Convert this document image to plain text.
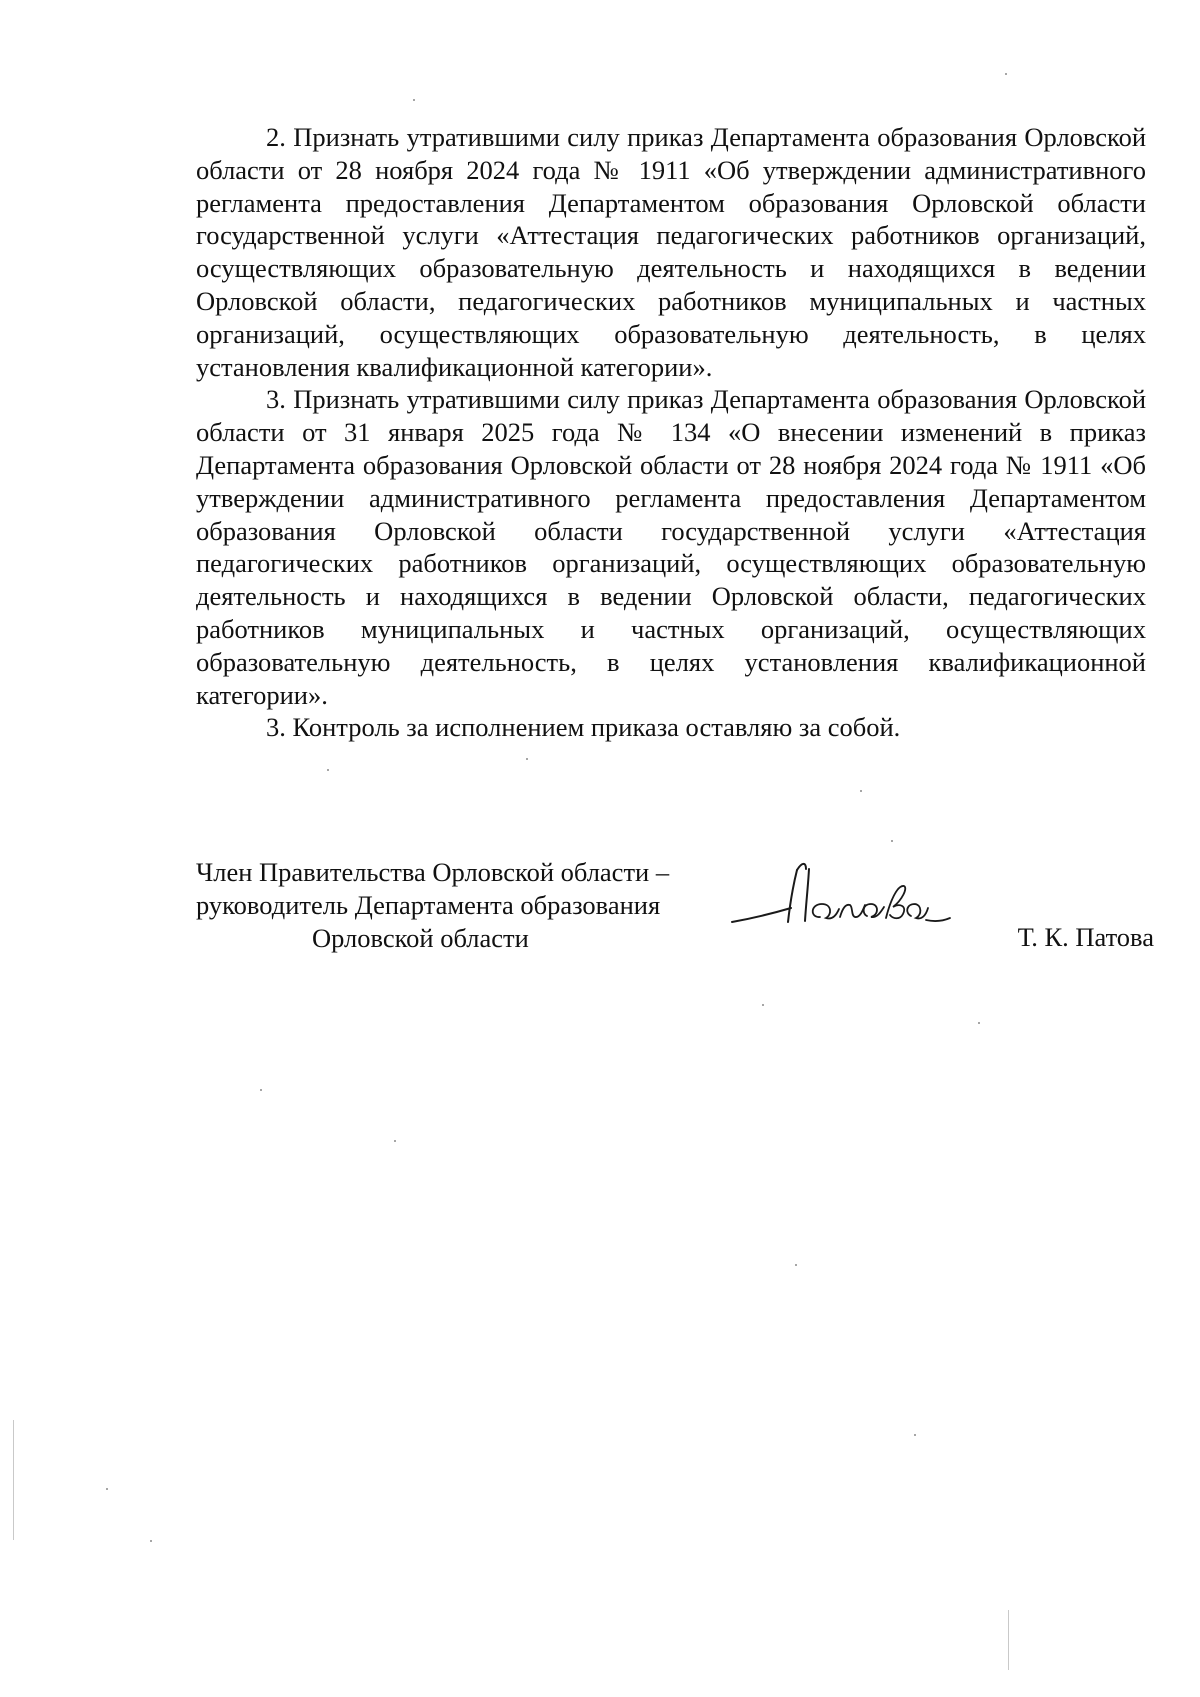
2. Признать утратившими силу приказ Департамента образования Орловской области от 28 ноября 2024 года № 1911 «Об утверждении административного регламента предоставления Департаментом образования Орловской области государственной услуги «Аттестация педагогических работников организаций, осуществляющих образовательную деятельность и находящихся в ведении Орловской области, педагогических работников муниципальных и частных организаций, осуществляющих образовательную деятельность, в целях установления квалификационной категории».

3. Признать утратившими силу приказ Департамента образования Орловской области от 31 января 2025 года № 134 «О внесении изменений в приказ Департамента образования Орловской области от 28 ноября 2024 года № 1911 «Об утверждении административного регламента предоставления Департаментом образования Орловской области государственной услуги «Аттестация педагогических работников организаций, осуществляющих образовательную деятельность и находящихся в ведении Орловской области, педагогических работников муниципальных и частных организаций, осуществляющих образовательную деятельность, в целях установления квалификационной категории».

3. Контроль за исполнением приказа оставляю за собой.

Член Правительства Орловской области –
руководитель Департамента образования
Орловской области	Т. К. Патова
